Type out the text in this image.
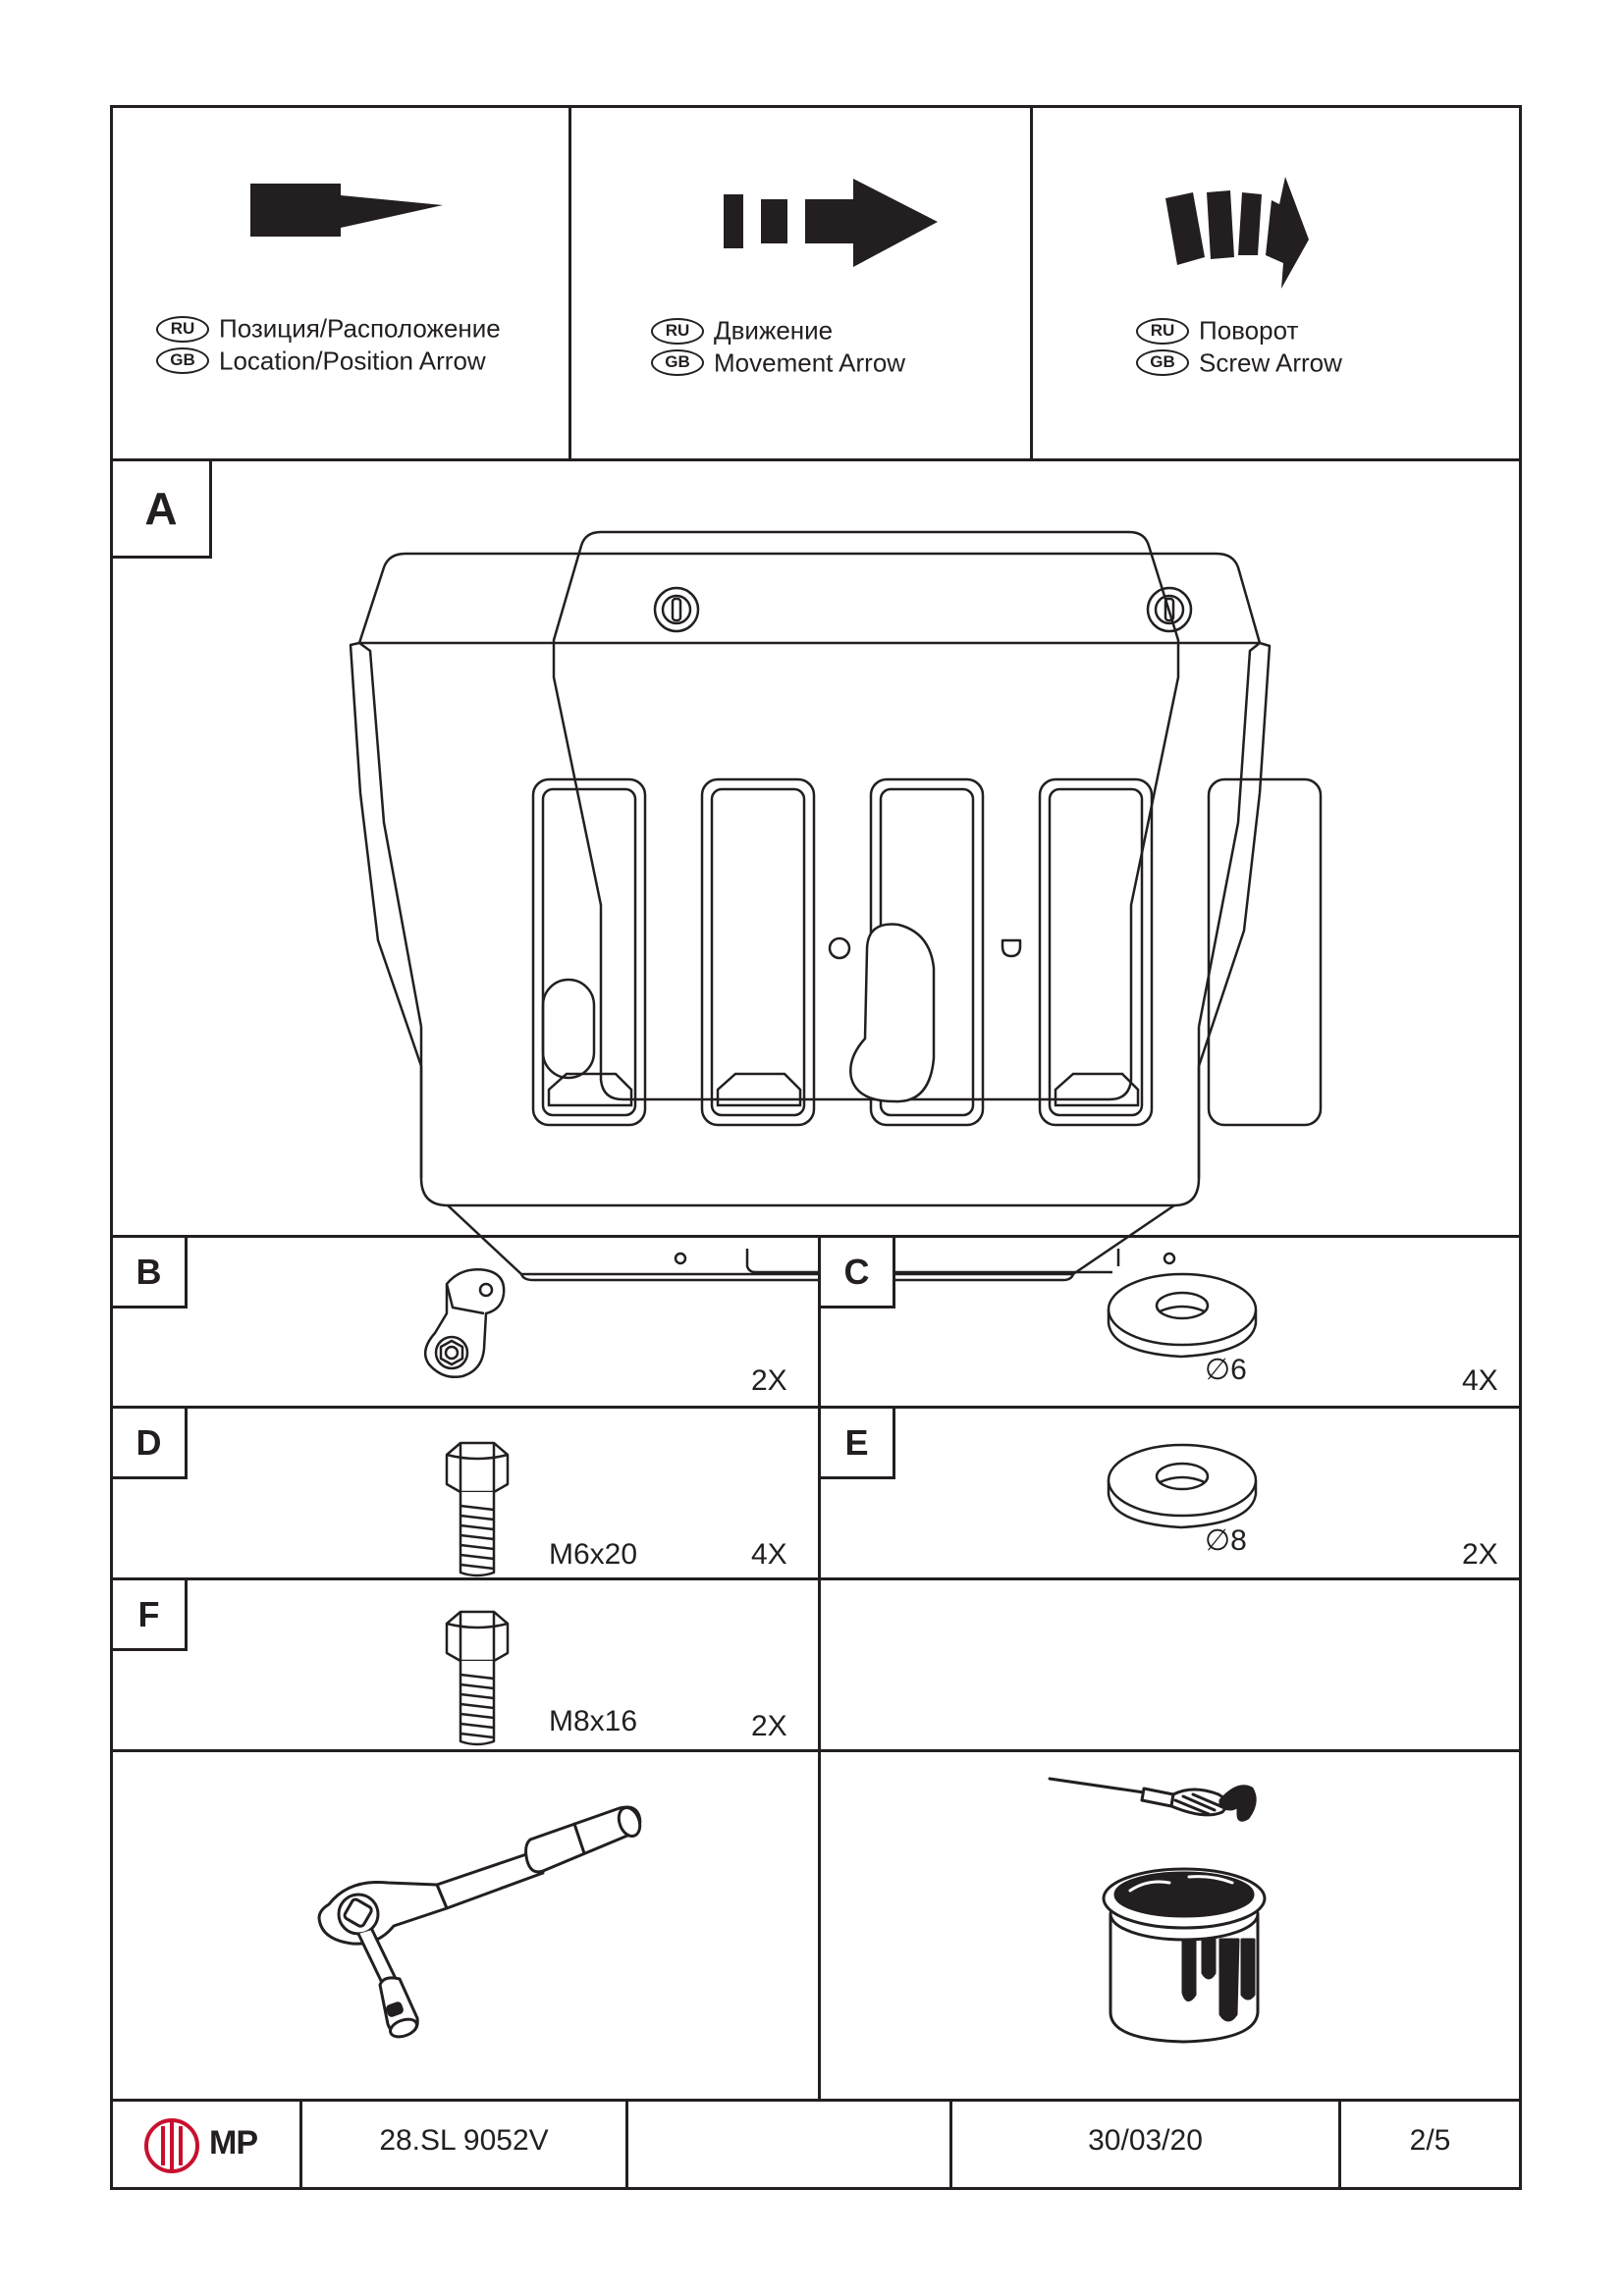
RU Позиция/Расположение
GB Location/Position Arrow
RU Движение
GB Movement Arrow
RU Поворот
GB Screw Arrow
A
B
2X
C
∅6	4X
D
M6x20	4X
E
∅8	2X
F
M8x16	2X
MP	28.SL 9052V	30/03/20	2/5
